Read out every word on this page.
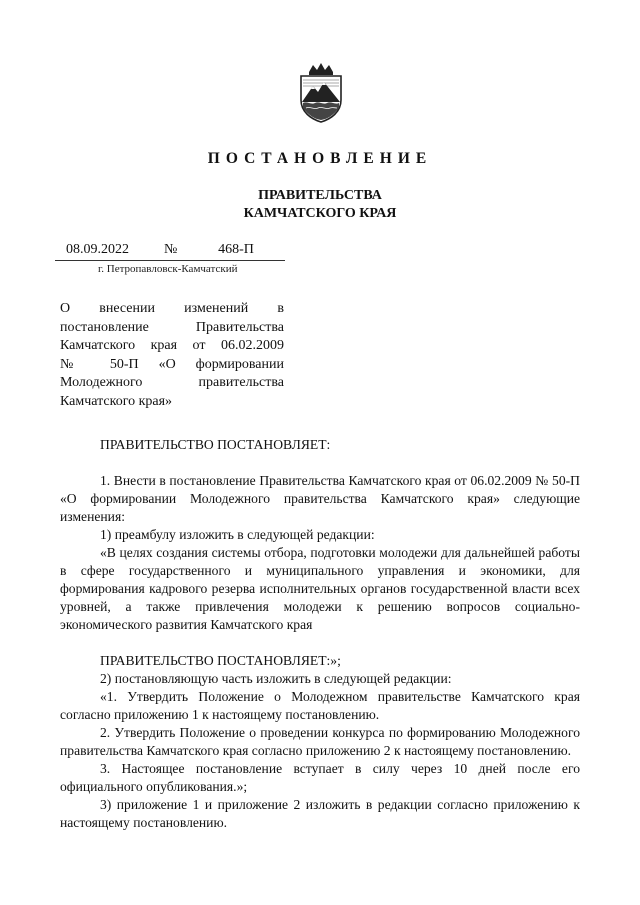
ПОСТАНОВЛЕНИЕ
ПРАВИТЕЛЬСТВА
КАМЧАТСКОГО КРАЯ
08.09.2022	№	468-П
г. Петропавловск-Камчатский
О внесении изменений в
постановление Правительства
Камчатского края от 06.02.2009
№ 50-П «О формировании
Молодежного правительства
Камчатского края»

ПРАВИТЕЛЬСТВО ПОСТАНОВЛЯЕТ:

1. Внести в постановление Правительства Камчатского края от 06.02.2009 № 50-П «О формировании Молодежного правительства Камчатского края» следующие изменения:

1) преамбулу изложить в следующей редакции:

«В целях создания системы отбора, подготовки молодежи для дальнейшей работы в сфере государственного и муниципального управления и экономики, для формирования кадрового резерва исполнительных органов государственной власти всех уровней, а также привлечения молодежи к решению вопросов социально-экономического развития Камчатского края

ПРАВИТЕЛЬСТВО ПОСТАНОВЛЯЕТ:»;

2) постановляющую часть изложить в следующей редакции:

«1. Утвердить Положение о Молодежном правительстве Камчатского края согласно приложению 1 к настоящему постановлению.

2. Утвердить Положение о проведении конкурса по формированию Молодежного правительства Камчатского края согласно приложению 2 к настоящему постановлению.

3. Настоящее постановление вступает в силу через 10 дней после его официального опубликования.»;

3) приложение 1 и приложение 2 изложить в редакции согласно приложению к настоящему постановлению.
